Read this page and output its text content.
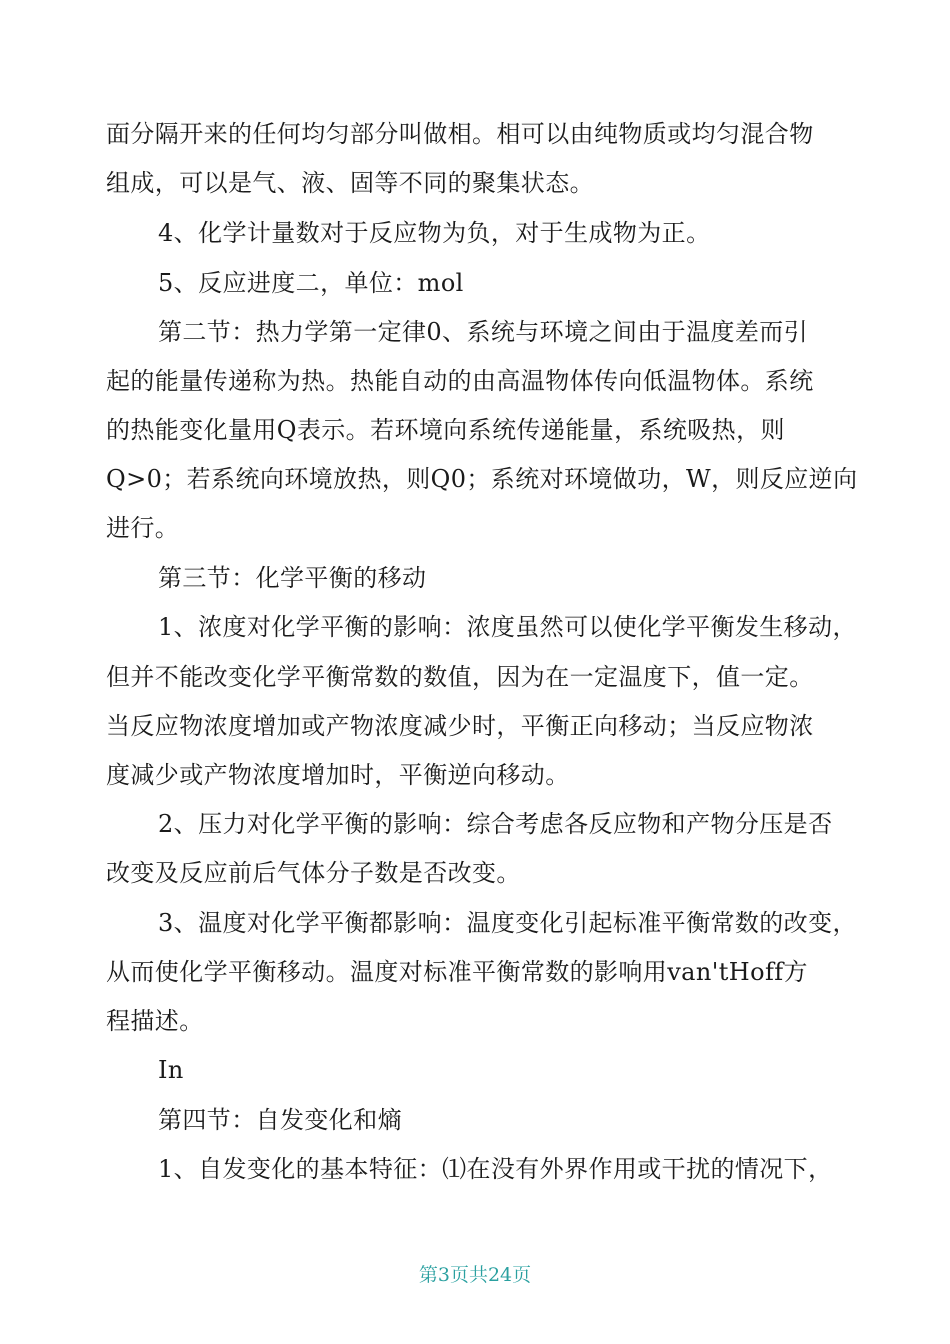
面分隔开来的任何均匀部分叫做相。相可以由纯物质或均匀混合物
组成，可以是气、液、固等不同的聚集状态。
4、化学计量数对于反应物为负，对于生成物为正。
5、反应进度二，单位：mol
第二节：热力学第一定律0、系统与环境之间由于温度差而引
起的能量传递称为热。热能自动的由高温物体传向低温物体。系统
的热能变化量用Q表示。若环境向系统传递能量，系统吸热，则
Q>0；若系统向环境放热，则Q0；系统对环境做功，W，则反应逆向
进行。
第三节：化学平衡的移动
1、浓度对化学平衡的影响：浓度虽然可以使化学平衡发生移动，
但并不能改变化学平衡常数的数值，因为在一定温度下，值一定。
当反应物浓度增加或产物浓度减少时，平衡正向移动；当反应物浓
度减少或产物浓度增加时，平衡逆向移动。
2、压力对化学平衡的影响：综合考虑各反应物和产物分压是否
改变及反应前后气体分子数是否改变。
3、温度对化学平衡都影响：温度变化引起标准平衡常数的改变，
从而使化学平衡移动。温度对标准平衡常数的影响用van'tHoff方
程描述。
In
第四节：自发变化和熵
1、自发变化的基本特征：⑴在没有外界作用或干扰的情况下，
第3页共24页
